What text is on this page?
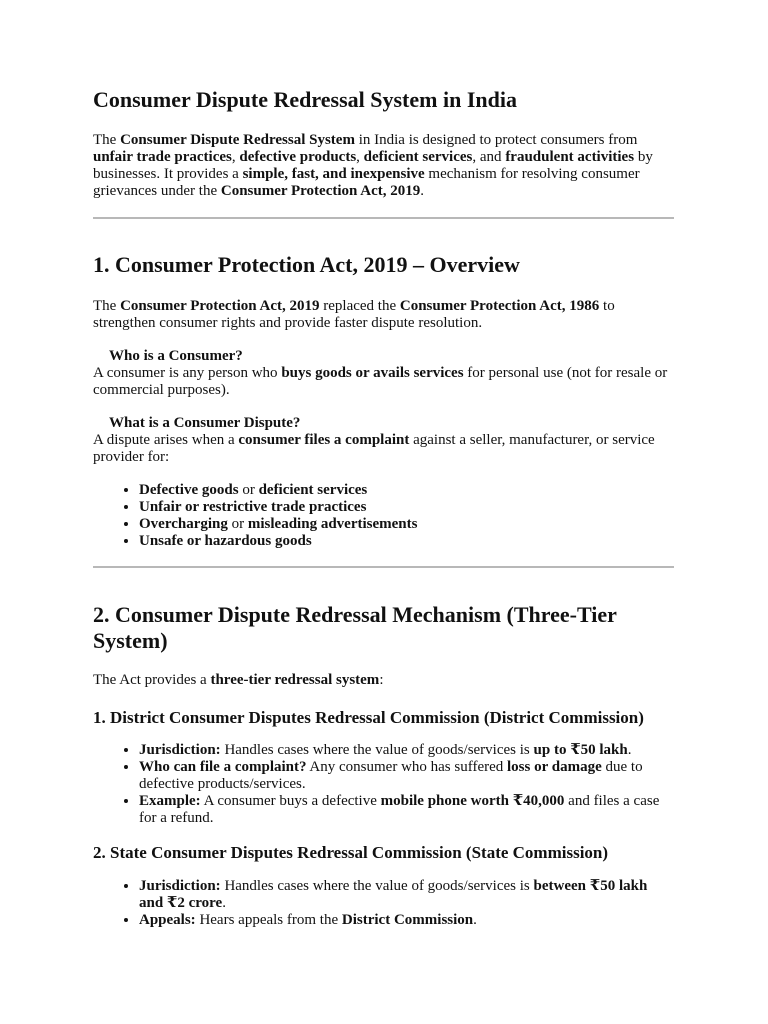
Consumer Dispute Redressal System in India

The Consumer Dispute Redressal System in India is designed to protect consumers from unfair trade practices, defective products, deficient services, and fraudulent activities by businesses. It provides a simple, fast, and inexpensive mechanism for resolving consumer grievances under the Consumer Protection Act, 2019.

1. Consumer Protection Act, 2019 – Overview

The Consumer Protection Act, 2019 replaced the Consumer Protection Act, 1986 to strengthen consumer rights and provide faster dispute resolution.

Who is a Consumer?

A consumer is any person who buys goods or avails services for personal use (not for resale or commercial purposes).

What is a Consumer Dispute?

A dispute arises when a consumer files a complaint against a seller, manufacturer, or service provider for:

• Defective goods or deficient services
• Unfair or restrictive trade practices
• Overcharging or misleading advertisements
• Unsafe or hazardous goods
2. Consumer Dispute Redressal Mechanism (Three-Tier System)

The Act provides a three-tier redressal system:

1. District Consumer Disputes Redressal Commission (District Commission)
• Jurisdiction: Handles cases where the value of goods/services is up to ₹50 lakh.
• Who can file a complaint? Any consumer who has suffered loss or damage due to defective products/services.
• Example: A consumer buys a defective mobile phone worth ₹40,000 and files a case for a refund.
2. State Consumer Disputes Redressal Commission (State Commission)
• Jurisdiction: Handles cases where the value of goods/services is between ₹50 lakh and ₹2 crore.
• Appeals: Hears appeals from the District Commission.
